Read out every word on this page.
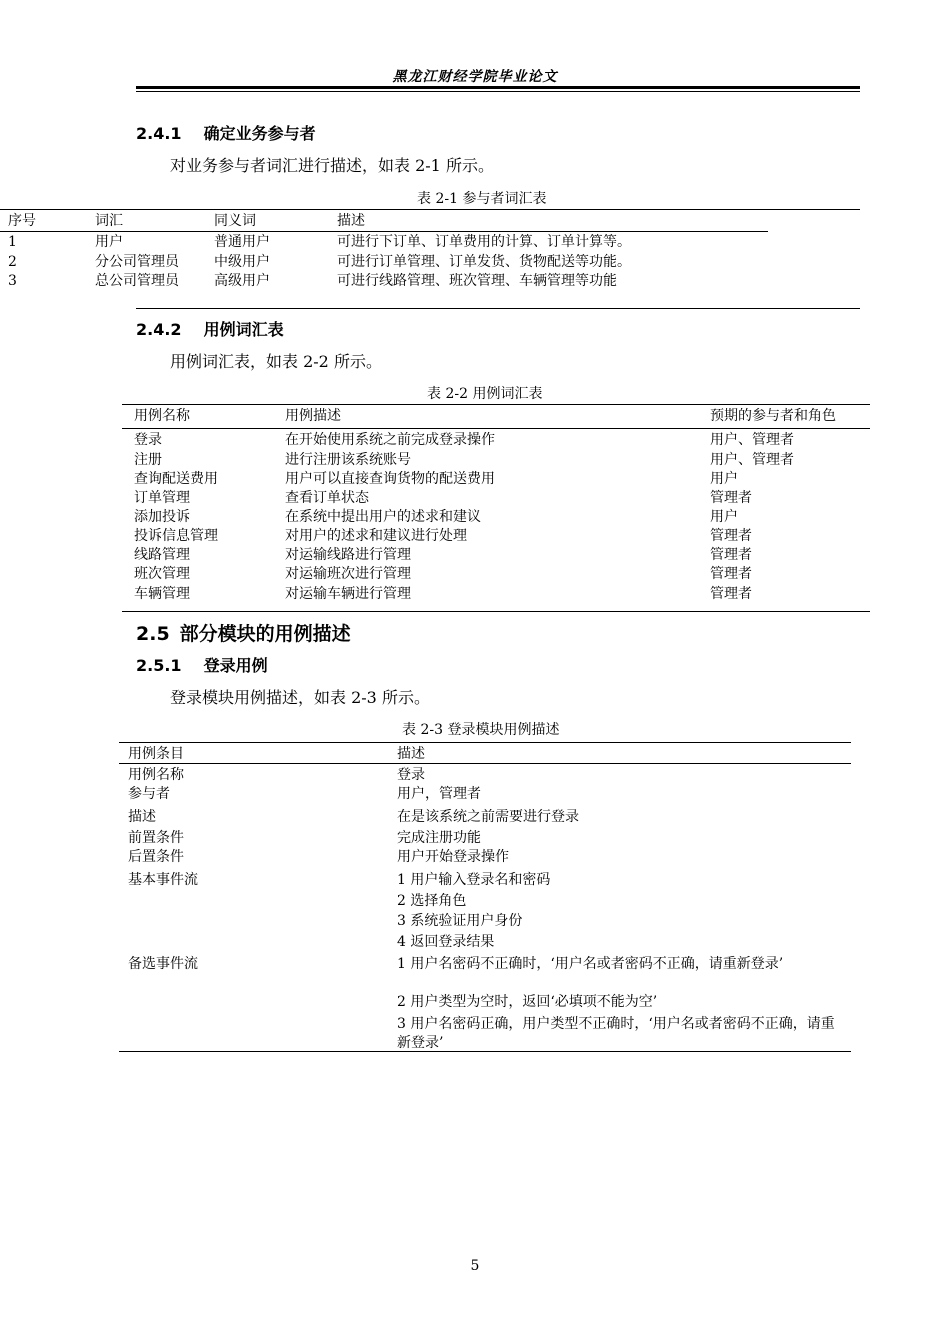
黑龙江财经学院毕业论文
2.4.1 确定业务参与者
对业务参与者词汇进行描述，如表 2-1 所示。
表 2-1 参与者词汇表
序号	词汇	同义词	描述
1	用户	普通用户	可进行下订单、订单费用的计算、订单计算等。
2	分公司管理员	中级用户	可进行订单管理、订单发货、货物配送等功能。
3	总公司管理员	高级用户	可进行线路管理、班次管理、车辆管理等功能
2.4.2 用例词汇表
用例词汇表，如表 2-2 所示。
表 2-2 用例词汇表
用例名称	用例描述	预期的参与者和角色
登录	在开始使用系统之前完成登录操作	用户、管理者
注册	进行注册该系统账号	用户、管理者
查询配送费用	用户可以直接查询货物的配送费用	用户
订单管理	查看订单状态	管理者
添加投诉	在系统中提出用户的述求和建议	用户
投诉信息管理	对用户的述求和建议进行处理	管理者
线路管理	对运输线路进行管理	管理者
班次管理	对运输班次进行管理	管理者
车辆管理	对运输车辆进行管理	管理者
2.5 部分模块的用例描述
2.5.1 登录用例
登录模块用例描述，如表 2-3 所示。
表 2-3 登录模块用例描述
用例条目	描述
用例名称	登录
参与者	用户，管理者
描述	在是该系统之前需要进行登录
前置条件	完成注册功能
后置条件	用户开始登录操作
基本事件流	1 用户输入登录名和密码
2 选择角色
3 系统验证用户身份
4 返回登录结果
备选事件流	1 用户名密码不正确时，‘用户名或者密码不正确，请重新登录’
2 用户类型为空时，返回‘必填项不能为空’
3 用户名密码正确，用户类型不正确时，‘用户名或者密码不正确，请重新登录’
5
